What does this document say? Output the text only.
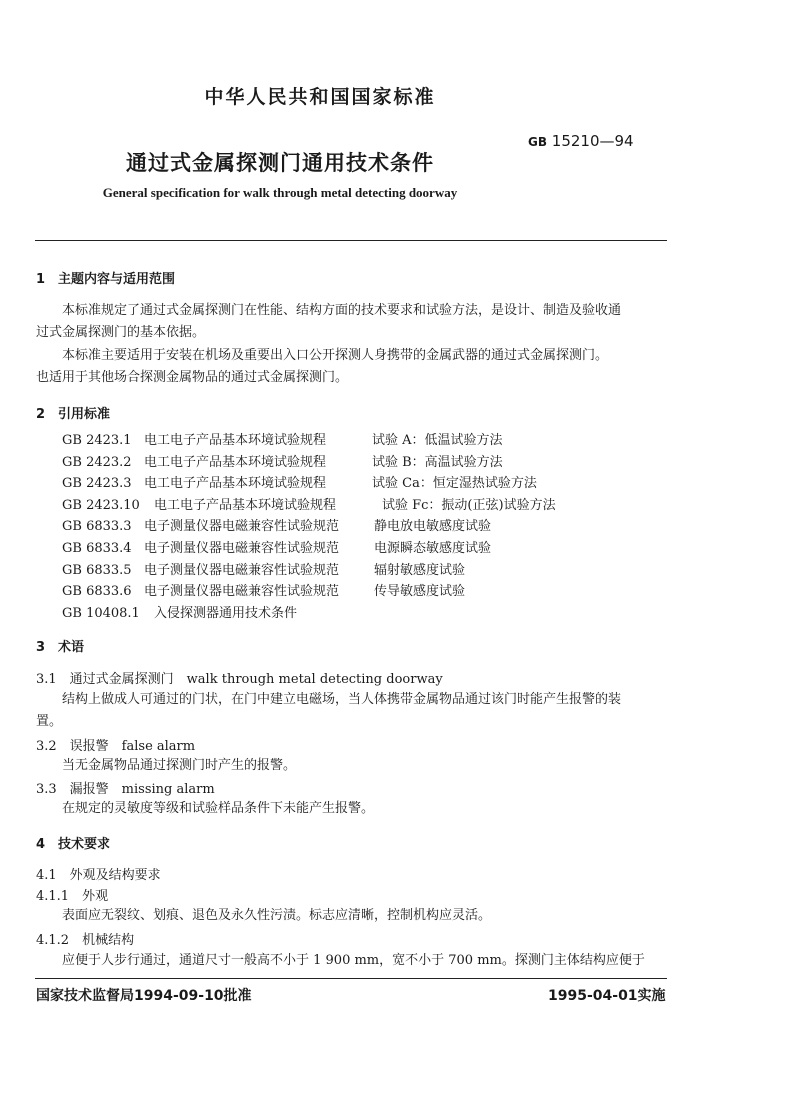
中华人民共和国国家标准
GB 15210—94
通过式金属探测门通用技术条件
General specification for walk through metal detecting doorway
1　主题内容与适用范围
本标准规定了通过式金属探测门在性能、结构方面的技术要求和试验方法，是设计、制造及验收通
过式金属探测门的基本依据。
本标准主要适用于安装在机场及重要出入口公开探测人身携带的金属武器的通过式金属探测门。
也适用于其他场合探测金属物品的通过式金属探测门。
2　引用标准
GB 2423.1 电工电子产品基本环境试验规程	试验 A：低温试验方法
GB 2423.2 电工电子产品基本环境试验规程	试验 B：高温试验方法
GB 2423.3 电工电子产品基本环境试验规程	试验 Ca：恒定湿热试验方法
GB 2423.10 电工电子产品基本环境试验规程	试验 Fc：振动(正弦)试验方法
GB 6833.3 电子测量仪器电磁兼容性试验规范	静电放电敏感度试验
GB 6833.4 电子测量仪器电磁兼容性试验规范	电源瞬态敏感度试验
GB 6833.5 电子测量仪器电磁兼容性试验规范	辐射敏感度试验
GB 6833.6 电子测量仪器电磁兼容性试验规范	传导敏感度试验
GB 10408.1 入侵探测器通用技术条件
3　术语
3.1　通过式金属探测门　walk through metal detecting doorway
结构上做成人可通过的门状，在门中建立电磁场，当人体携带金属物品通过该门时能产生报警的装
置。
3.2　误报警　false alarm
当无金属物品通过探测门时产生的报警。
3.3　漏报警　missing alarm
在规定的灵敏度等级和试验样品条件下未能产生报警。
4　技术要求
4.1　外观及结构要求
4.1.1　外观
表面应无裂纹、划痕、退色及永久性污渍。标志应清晰，控制机构应灵活。
4.1.2　机械结构
应便于人步行通过，通道尺寸一般高不小于 1 900 mm，宽不小于 700 mm。探测门主体结构应便于
国家技术监督局1994-09-10批准	1995-04-01实施
